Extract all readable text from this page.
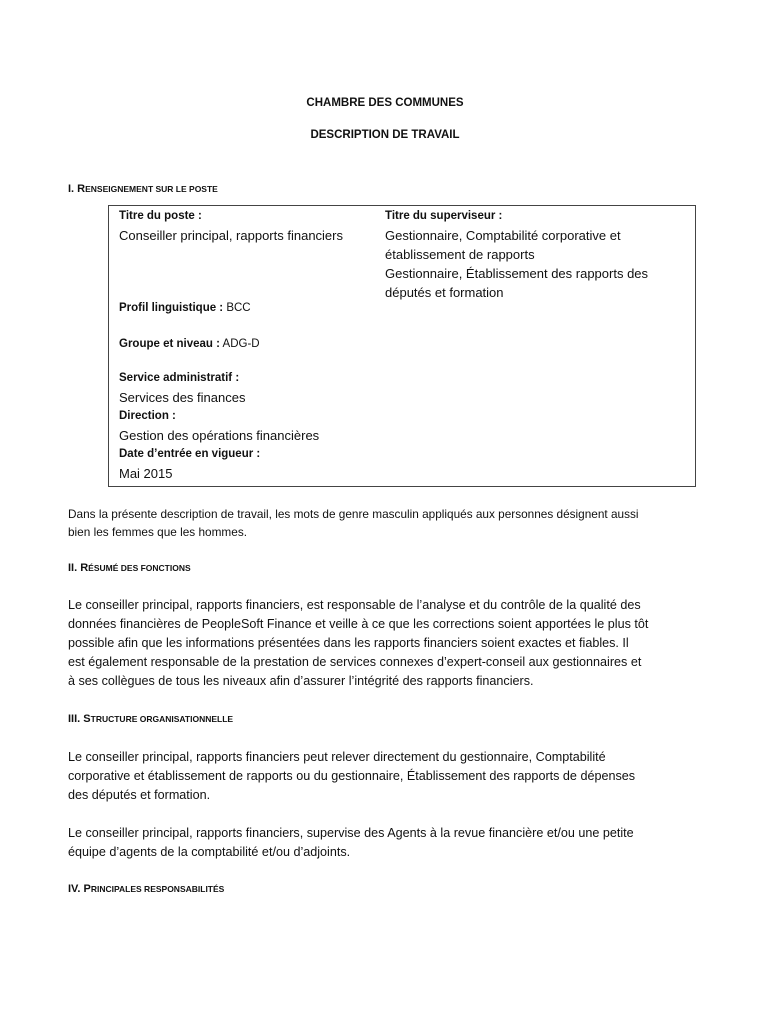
CHAMBRE DES COMMUNES
DESCRIPTION DE TRAVAIL
I. RENSEIGNEMENT SUR LE POSTE
Titre du poste :
Conseiller principal, rapports financiers
Profil linguistique : BCC
Groupe et niveau : ADG-D
Service administratif :
Services des finances
Direction :
Gestion des opérations financières
Date d’entrée en vigueur :
Mai 2015
Titre du superviseur :
Gestionnaire, Comptabilité corporative et
établissement de rapports
Gestionnaire, Établissement des rapports des
députés et formation
Dans la présente description de travail, les mots de genre masculin appliqués aux personnes désignent aussi
bien les femmes que les hommes.
II. RÉSUMÉ DES FONCTIONS
Le conseiller principal, rapports financiers, est responsable de l’analyse et du contrôle de la qualité des
données financières de PeopleSoft Finance et veille à ce que les corrections soient apportées le plus tôt
possible afin que les informations présentées dans les rapports financiers soient exactes et fiables. Il
est également responsable de la prestation de services connexes d’expert-conseil aux gestionnaires et
à ses collègues de tous les niveaux afin d’assurer l’intégrité des rapports financiers.
III. STRUCTURE ORGANISATIONNELLE
Le conseiller principal, rapports financiers peut relever directement du gestionnaire, Comptabilité
corporative et établissement de rapports ou du gestionnaire, Établissement des rapports de dépenses
des députés et formation.
Le conseiller principal, rapports financiers, supervise des Agents à la revue financière et/ou une petite
équipe d’agents de la comptabilité et/ou d’adjoints.
IV. PRINCIPALES RESPONSABILITÉS
